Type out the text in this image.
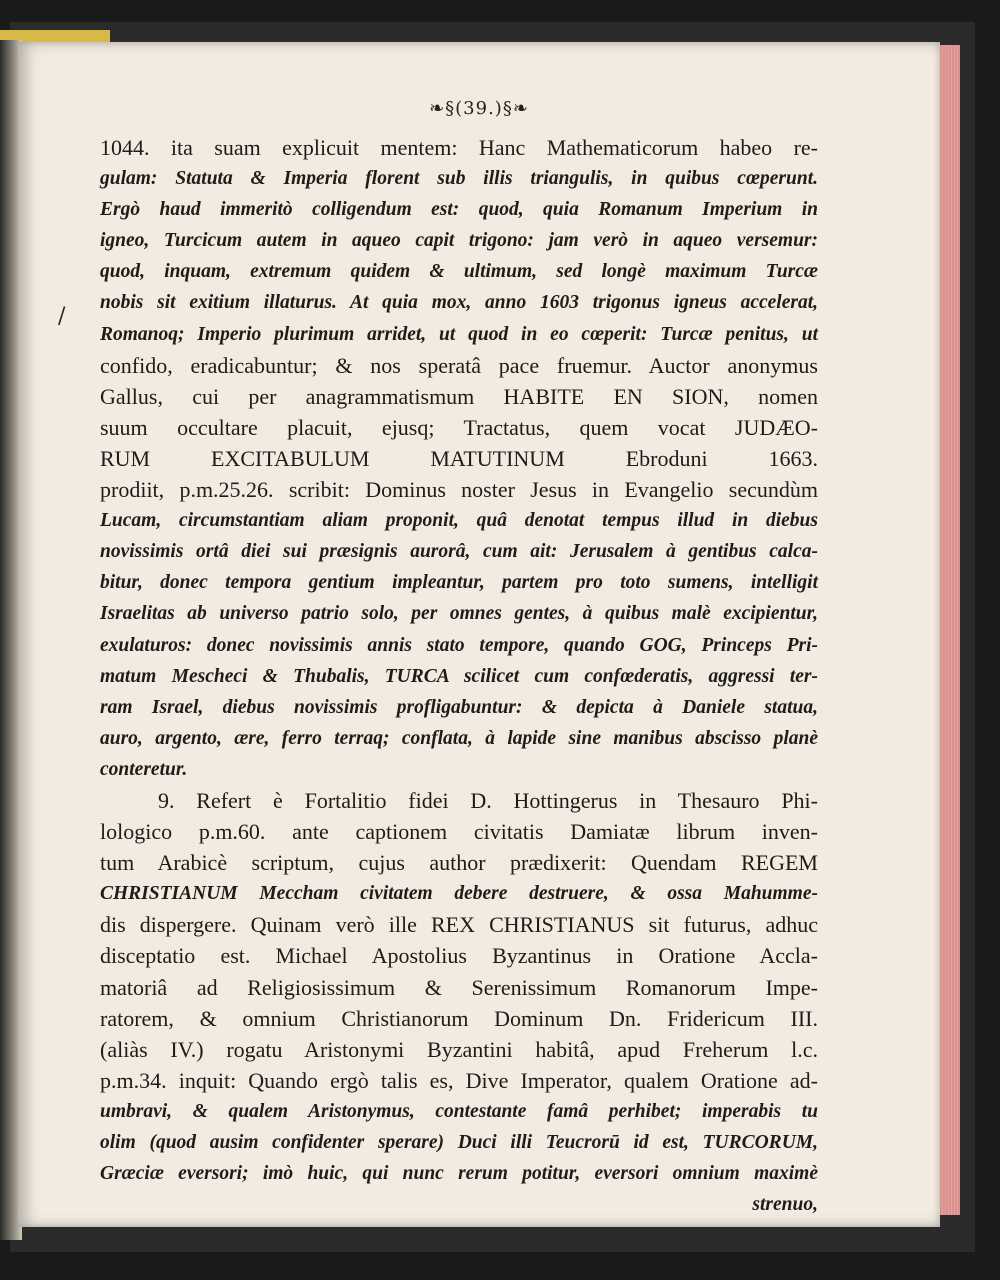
❧§(39.)§❧
/
1044. ita suam explicuit mentem: Hanc Mathematicorum habeo re-
gulam: Statuta & Imperia florent sub illis triangulis, in quibus cœperunt.
Ergò haud immeritò colligendum est: quod, quia Romanum Imperium in
igneo, Turcicum autem in aqueo capit trigono: jam verò in aqueo versemur:
quod, inquam, extremum quidem & ultimum, sed longè maximum Turcæ
nobis sit exitium illaturus. At quia mox, anno 1603 trigonus igneus accelerat,
Romanoq; Imperio plurimum arridet, ut quod in eo cœperit: Turcæ penitus, ut
confido, eradicabuntur; & nos speratâ pace fruemur. Auctor anonymus
Gallus, cui per anagrammatismum HABITE EN SION, nomen
suum occultare placuit, ejusq; Tractatus, quem vocat JUDÆO-
RUM EXCITABULUM MATUTINUM Ebroduni 1663.
prodiit, p.m.25.26. scribit: Dominus noster Jesus in Evangelio secundùm
Lucam, circumstantiam aliam proponit, quâ denotat tempus illud in diebus
novissimis ortâ diei sui præsignis aurorâ, cum ait: Jerusalem à gentibus calca-
bitur, donec tempora gentium impleantur, partem pro toto sumens, intelligit
Israelitas ab universo patrio solo, per omnes gentes, à quibus malè excipientur,
exulaturos: donec novissimis annis stato tempore, quando GOG, Princeps Pri-
matum Mescheci & Thubalis, TURCA scilicet cum confœderatis, aggressi ter-
ram Israel, diebus novissimis profligabuntur: & depicta à Daniele statua,
auro, argento, ære, ferro terraq; conflata, à lapide sine manibus abscisso planè
conteretur.
9. Refert è Fortalitio fidei D. Hottingerus in Thesauro Phi-
lologico p.m.60. ante captionem civitatis Damiatæ librum inven-
tum Arabicè scriptum, cujus author prædixerit: Quendam REGEM
CHRISTIANUM Meccham civitatem debere destruere, & ossa Mahumme-
dis dispergere. Quinam verò ille REX CHRISTIANUS sit futurus, adhuc
disceptatio est. Michael Apostolius Byzantinus in Oratione Accla-
matoriâ ad Religiosissimum & Serenissimum Romanorum Impe-
ratorem, & omnium Christianorum Dominum Dn. Fridericum III.
(aliàs IV.) rogatu Aristonymi Byzantini habitâ, apud Freherum l.c.
p.m.34. inquit: Quando ergò talis es, Dive Imperator, qualem Oratione ad-
umbravi, & qualem Aristonymus, contestante famâ perhibet; imperabis tu
olim (quod ausim confidenter sperare) Duci illi Teucrorū id est, TURCORUM,
Græciæ eversori; imò huic, qui nunc rerum potitur, eversori omnium maximè
strenuo,
